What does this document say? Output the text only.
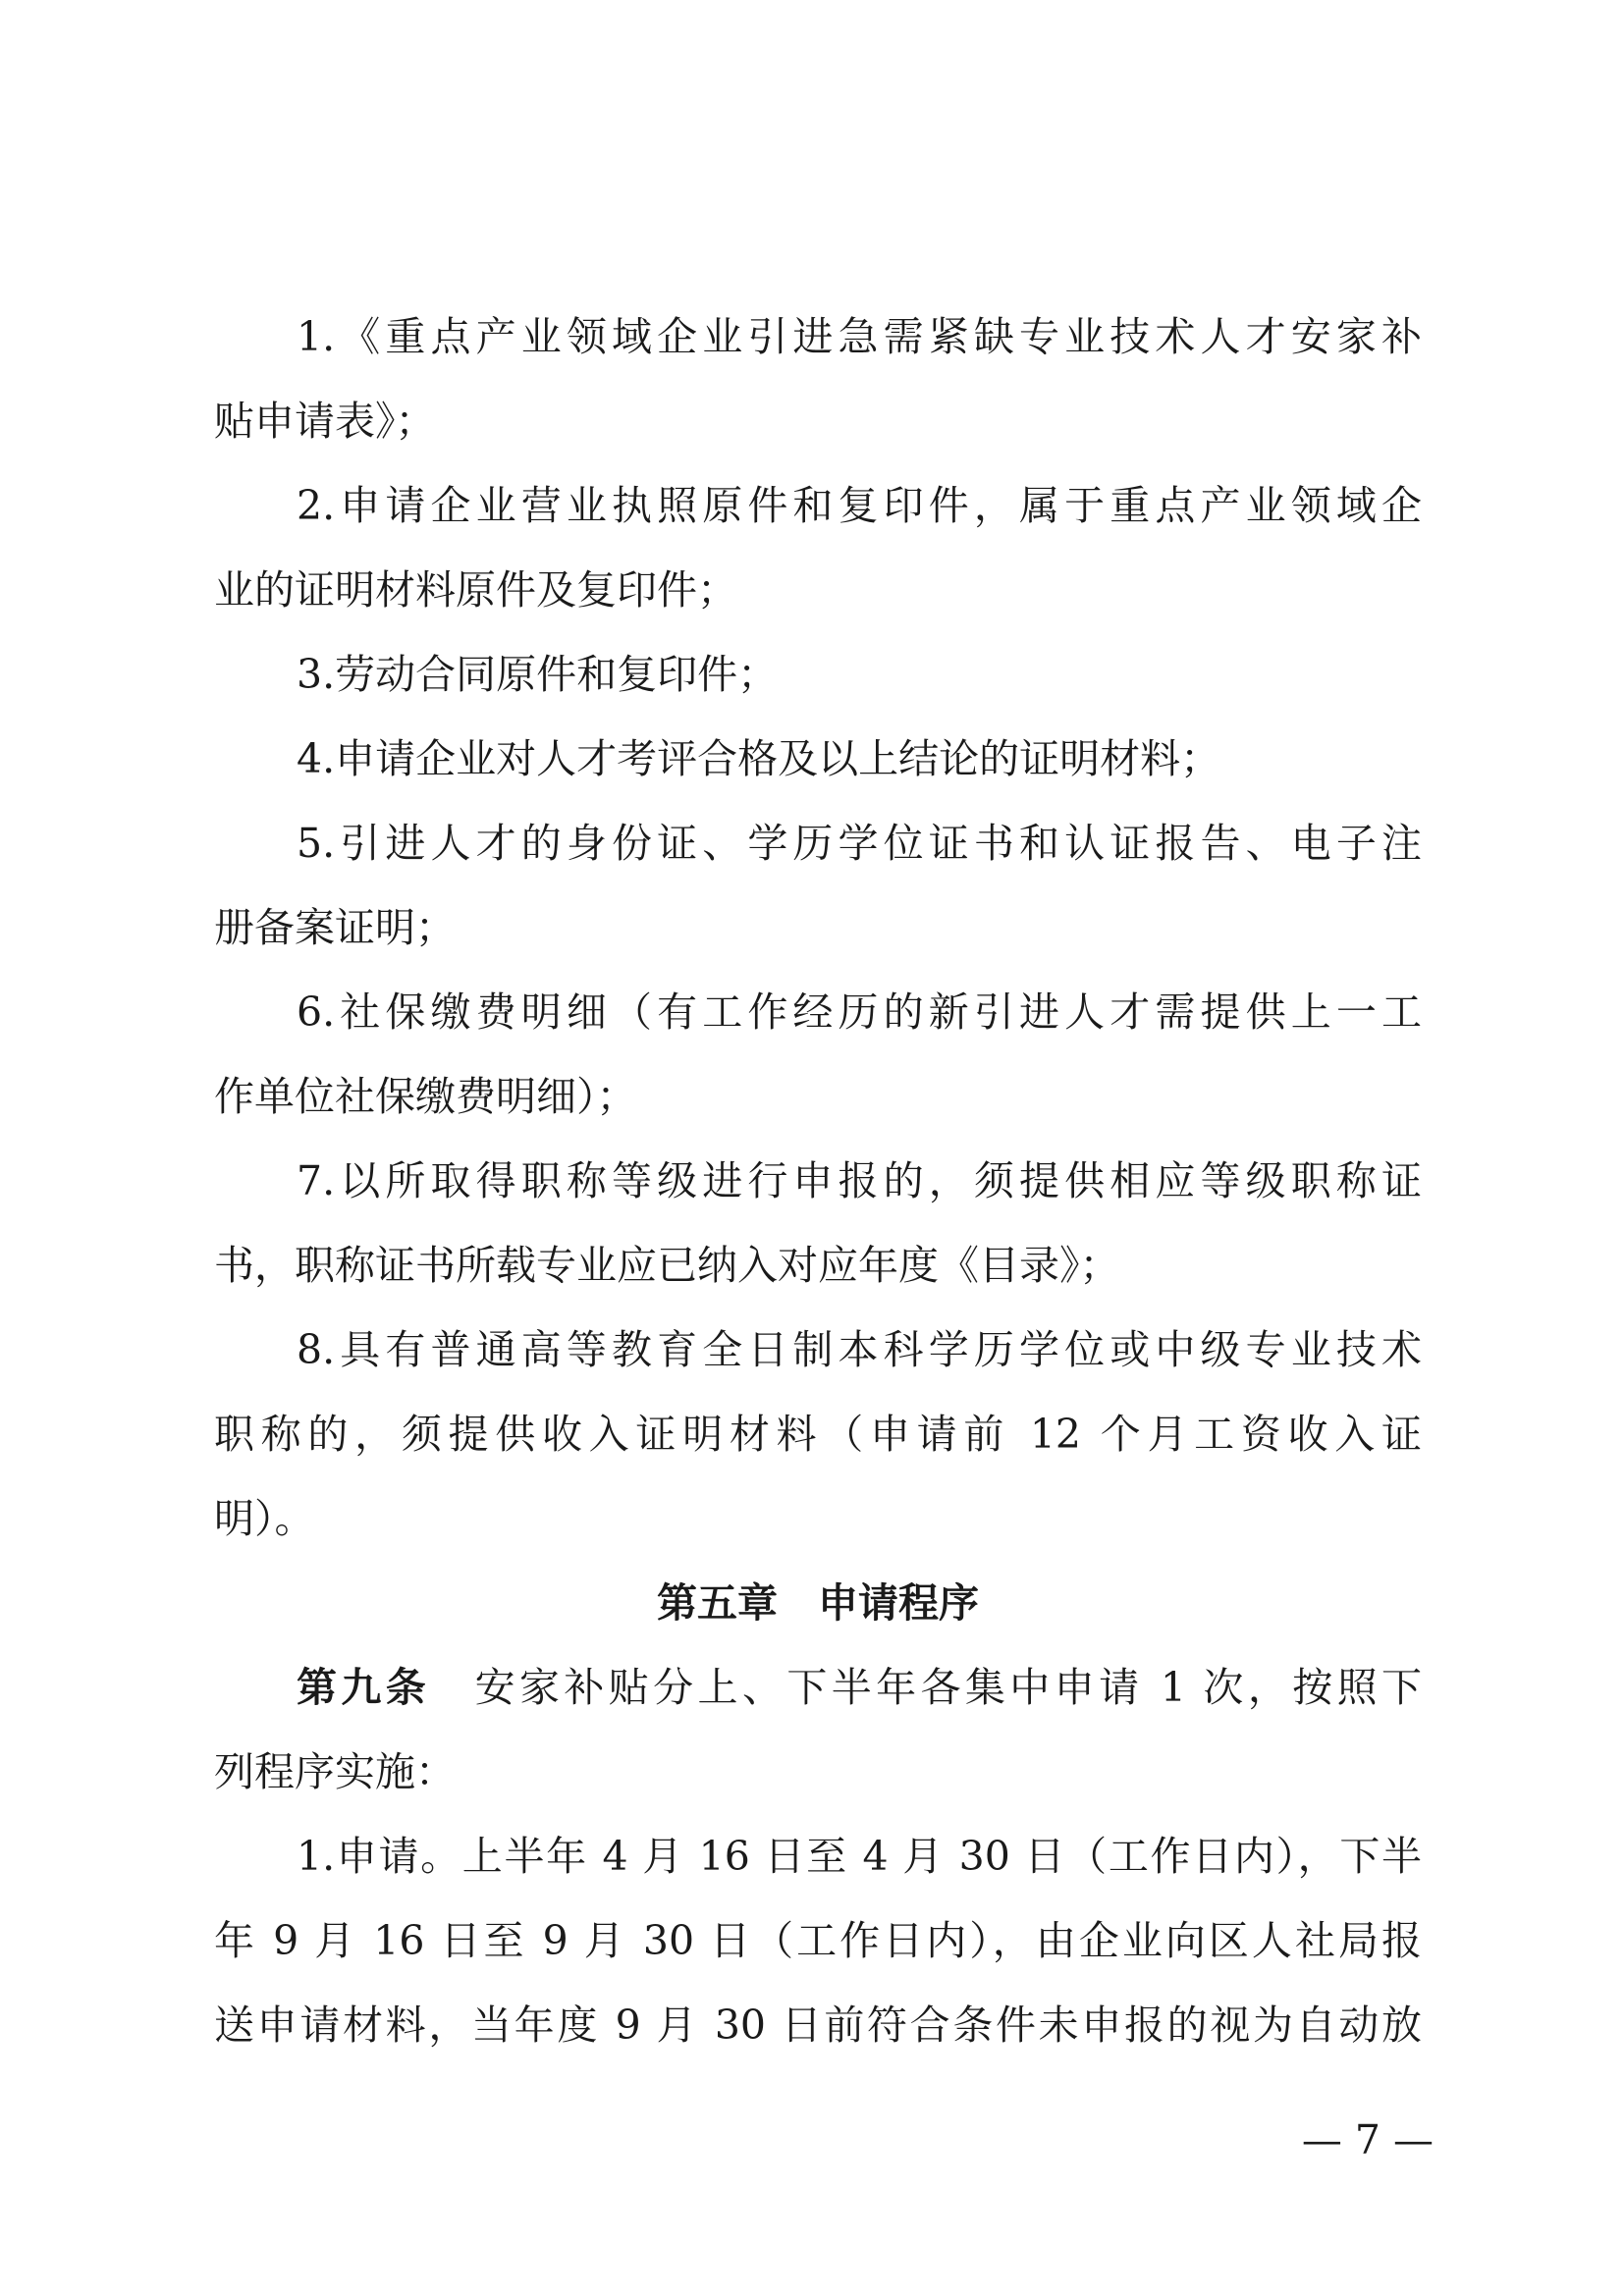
1.《重点产业领域企业引进急需紧缺专业技术人才安家补
贴申请表》；
2.申请企业营业执照原件和复印件，属于重点产业领域企
业的证明材料原件及复印件；
3.劳动合同原件和复印件；
4.申请企业对人才考评合格及以上结论的证明材料；
5.引进人才的身份证、学历学位证书和认证报告、电子注
册备案证明；
6.社保缴费明细（有工作经历的新引进人才需提供上一工
作单位社保缴费明细）；
7.以所取得职称等级进行申报的，须提供相应等级职称证
书，职称证书所载专业应已纳入对应年度《目录》；
8.具有普通高等教育全日制本科学历学位或中级专业技术
职称的，须提供收入证明材料（申请前 12 个月工资收入证
明）。
第五章　申请程序
第九条　安家补贴分上、下半年各集中申请 1 次，按照下
列程序实施：
1.申请。上半年 4 月 16 日至 4 月 30 日（工作日内），下半
年 9 月 16 日至 9 月 30 日（工作日内），由企业向区人社局报
送申请材料，当年度 9 月 30 日前符合条件未申报的视为自动放
— 7 —
